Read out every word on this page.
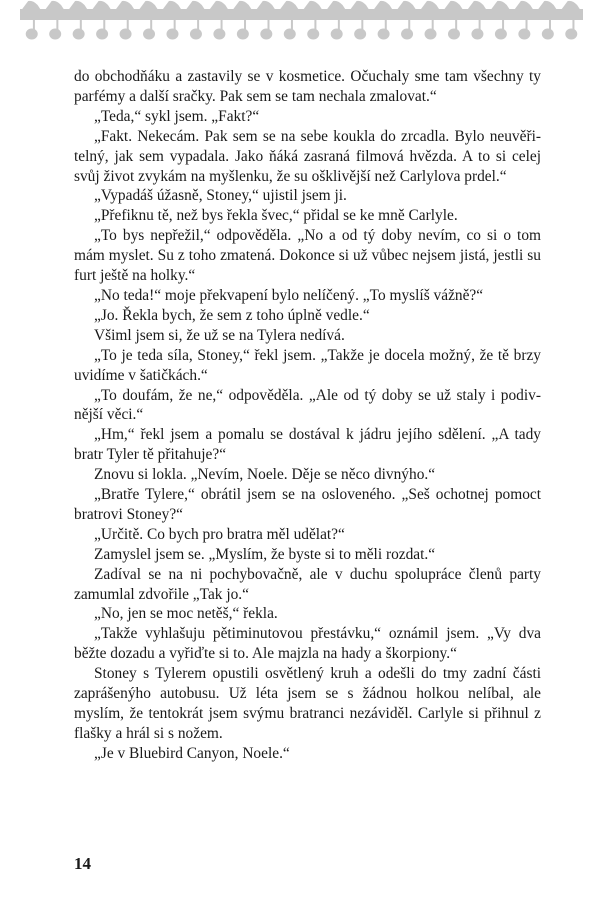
do obchodňáku a zastavily se v kosmetice. Očuchaly sme tam všechny ty parfémy a další sračky. Pak sem se tam nechala zmalovat.“

„Teda,“ sykl jsem. „Fakt?“

„Fakt. Nekecám. Pak sem se na sebe koukla do zrcadla. Bylo neuvěřitelný, jak sem vypadala. Jako ňáká zasraná filmová hvězda. A to si celej svůj život zvykám na myšlenku, že su ošklivější než Carlylova prdel.“

„Vypadáš úžasně, Stoney,“ ujistil jsem ji.

„Přefiknu tě, než bys řekla švec,“ přidal se ke mně Carlyle.

„To bys nepřežil,“ odpověděla. „No a od tý doby nevím, co si o tom mám myslet. Su z toho zmatená. Dokonce si už vůbec nejsem jistá, jestli su furt ještě na holky.“

„No teda!“ moje překvapení bylo nelíčený. „To myslíš vážně?“

„Jo. Řekla bych, že sem z toho úplně vedle.“

Všiml jsem si, že už se na Tylera nedívá.

„To je teda síla, Stoney,“ řekl jsem. „Takže je docela možný, že tě brzy uvidíme v šatičkách.“

„To doufám, že ne,“ odpověděla. „Ale od tý doby se už staly i podivnější věci.“

„Hm,“ řekl jsem a pomalu se dostával k jádru jejího sdělení. „A tady bratr Tyler tě přitahuje?“

Znovu si lokla. „Nevím, Noele. Děje se něco divnýho.“

„Bratře Tylere,“ obrátil jsem se na osloveného. „Seš ochotnej pomoct bratrovi Stoney?“

„Určitě. Co bych pro bratra měl udělat?“

Zamyslel jsem se. „Myslím, že byste si to měli rozdat.“

Zadíval se na ni pochybovačně, ale v duchu spolupráce členů party zamumlal zdvořile „Tak jo.“

„No, jen se moc netěš,“ řekla.

„Takže vyhlašuju pětiminutovou přestávku,“ oznámil jsem. „Vy dva běžte dozadu a vyřiďte si to. Ale majzla na hady a škorpiony.“

Stoney s Tylerem opustili osvětlený kruh a odešli do tmy zadní části zaprášenýho autobusu. Už léta jsem se s žádnou holkou nelíbal, ale myslím, že tentokrát jsem svýmu bratranci nezáviděl. Carlyle si přihnul z flašky a hrál si s nožem.

„Je v Bluebird Canyon, Noele.“

14
